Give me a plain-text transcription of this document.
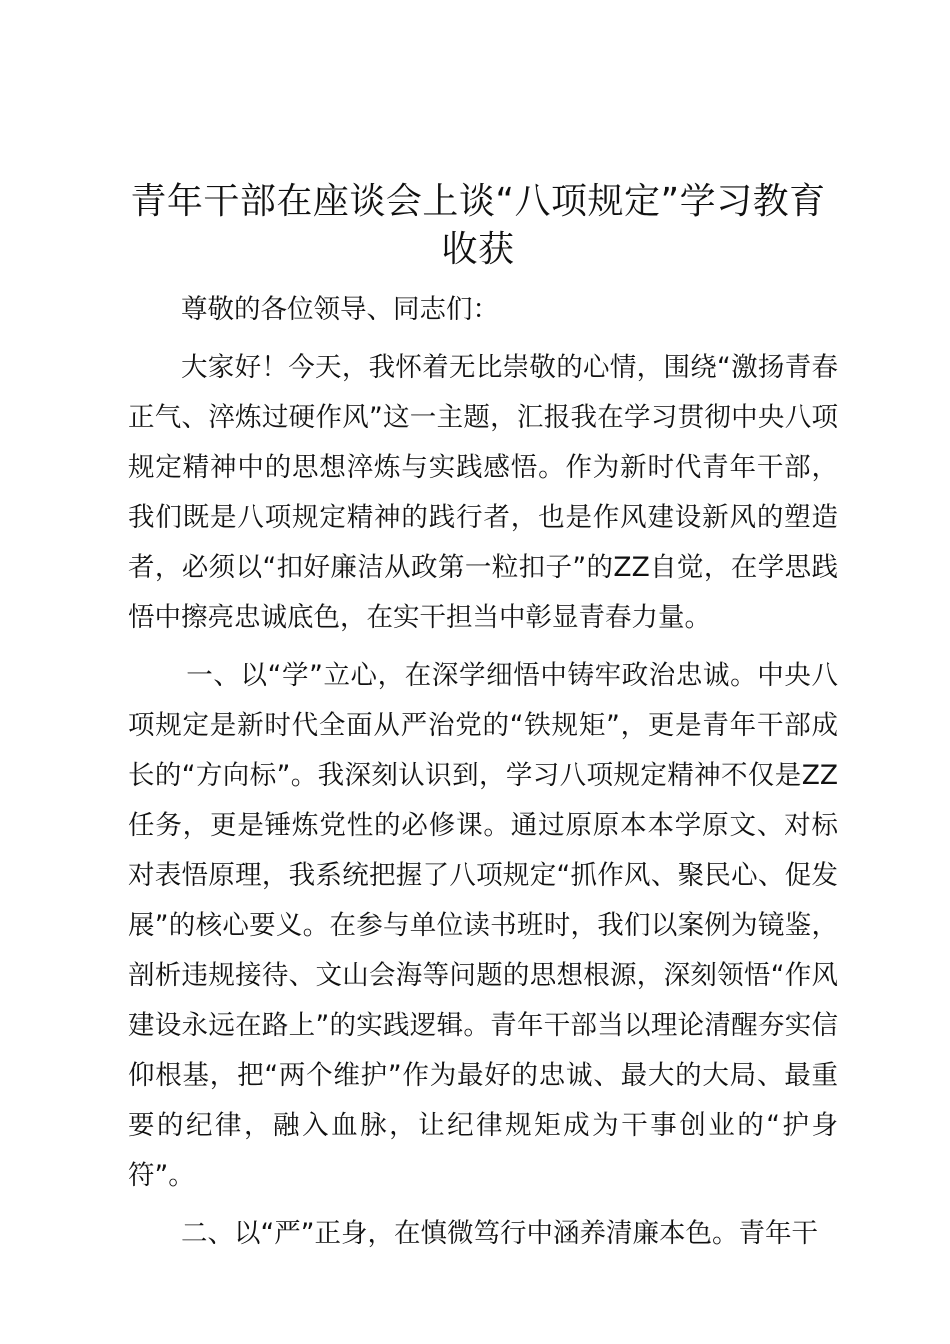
青年干部在座谈会上谈“八项规定”学习教育收获

尊敬的各位领导、同志们：

大家好！今天，我怀着无比崇敬的心情，围绕“激扬青春正气、淬炼过硬作风”这一主题，汇报我在学习贯彻中央八项规定精神中的思想淬炼与实践感悟。作为新时代青年干部，我们既是八项规定精神的践行者，也是作风建设新风的塑造者，必须以“扣好廉洁从政第一粒扣子”的ZZ自觉，在学思践悟中擦亮忠诚底色，在实干担当中彰显青春力量。

一、以“学”立心，在深学细悟中铸牢政治忠诚。中央八项规定是新时代全面从严治党的“铁规矩”，更是青年干部成长的“方向标”。我深刻认识到，学习八项规定精神不仅是ZZ任务，更是锤炼党性的必修课。通过原原本本学原文、对标对表悟原理，我系统把握了八项规定“抓作风、聚民心、促发展”的核心要义。在参与单位读书班时，我们以案例为镜鉴，剖析违规接待、文山会海等问题的思想根源，深刻领悟“作风建设永远在路上”的实践逻辑。青年干部当以理论清醒夯实信仰根基，把“两个维护”作为最好的忠诚、最大的大局、最重要的纪律，融入血脉，让纪律规矩成为干事创业的“护身符”。

二、以“严”正身，在慎微笃行中涵养清廉本色。青年干
